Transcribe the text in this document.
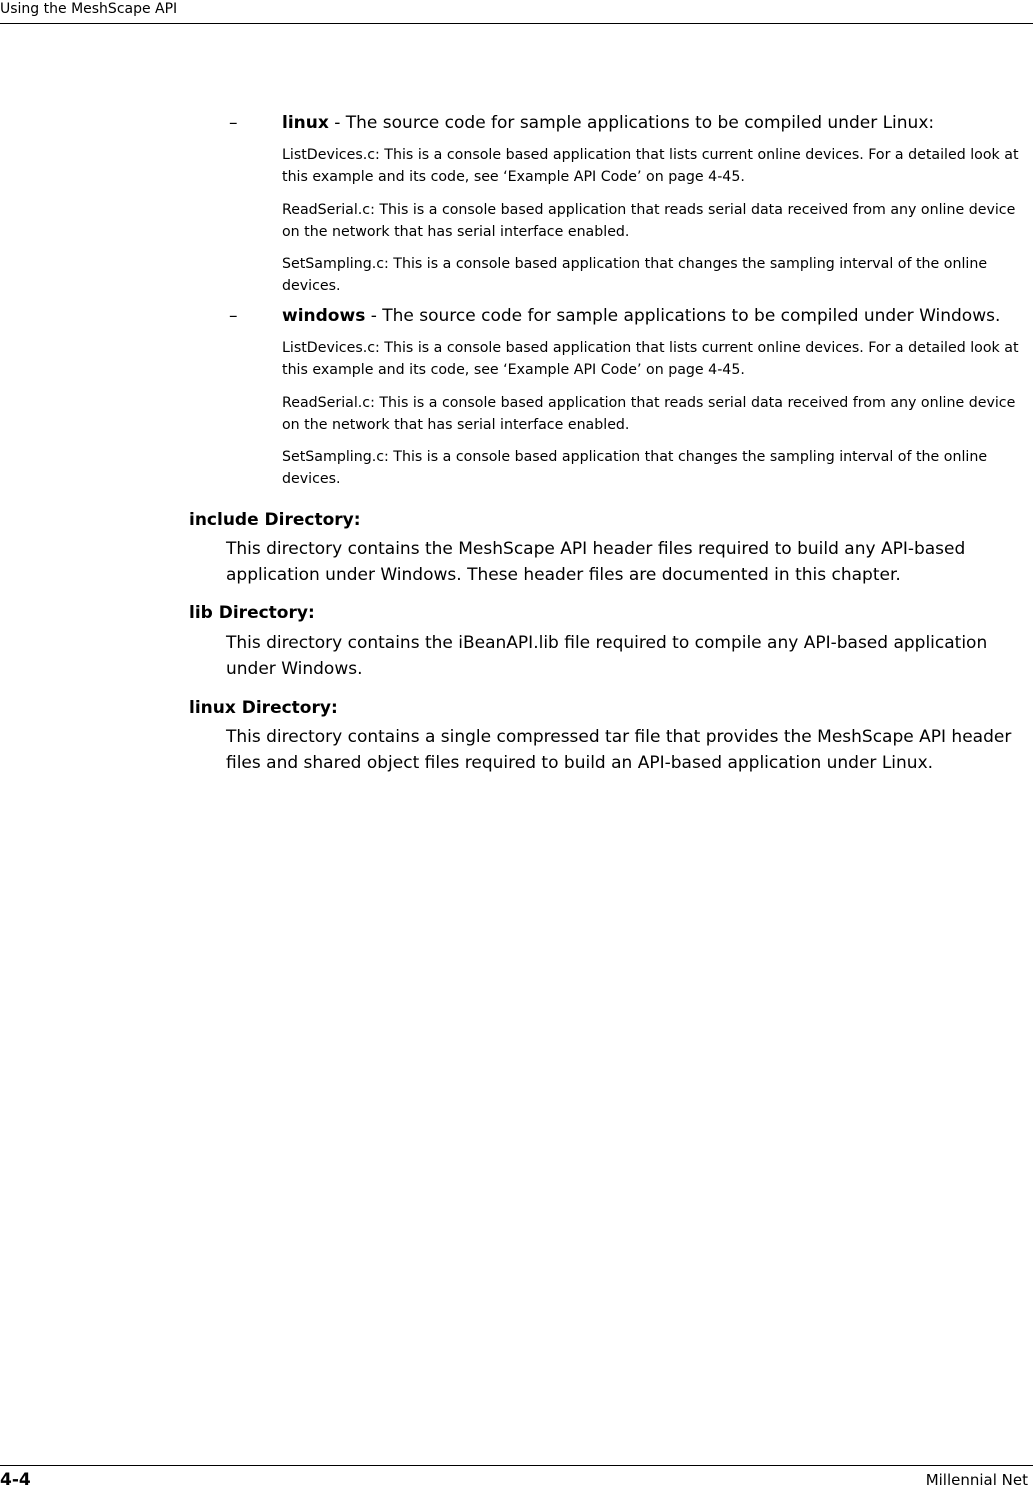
Using the MeshScape API
–	linux - The source code for sample applications to be compiled under Linux:
ListDevices.c: This is a console based application that lists current online devices. For a detailed look at this example and its code, see ‘Example API Code’ on page 4-45.
ReadSerial.c: This is a console based application that reads serial data received from any online device on the network that has serial interface enabled.
SetSampling.c: This is a console based application that changes the sampling interval of the online devices.
–	windows - The source code for sample applications to be compiled under Windows.
ListDevices.c: This is a console based application that lists current online devices. For a detailed look at this example and its code, see ‘Example API Code’ on page 4-45.
ReadSerial.c: This is a console based application that reads serial data received from any online device on the network that has serial interface enabled.
SetSampling.c: This is a console based application that changes the sampling interval of the online devices.
include Directory:
This directory contains the MeshScape API header files required to build any API-based application under Windows. These header files are documented in this chapter.
lib Directory:
This directory contains the iBeanAPI.lib file required to compile any API-based application under Windows.
linux Directory:
This directory contains a single compressed tar file that provides the MeshScape API header files and shared object files required to build an API-based application under Linux.
4-4	Millennial Net
